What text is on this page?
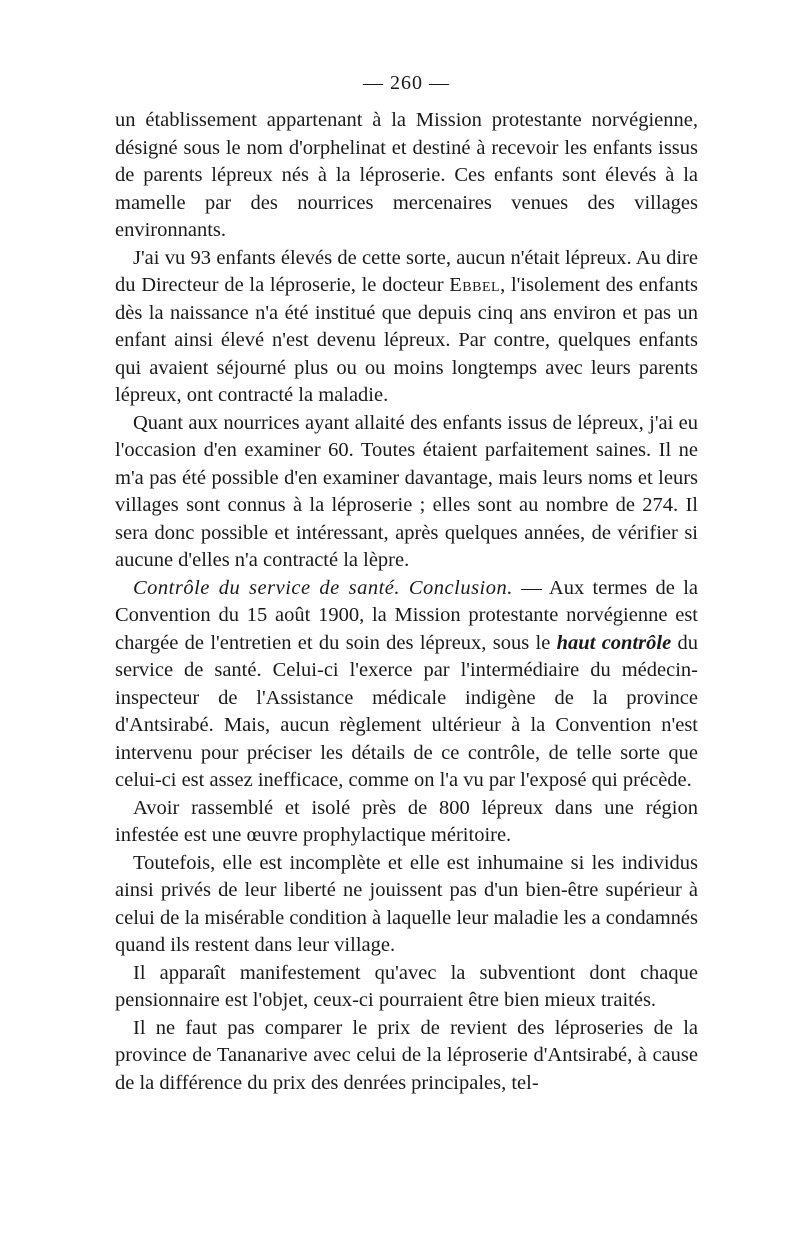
— 260 —

un établissement appartenant à la Mission protestante norvégienne, désigné sous le nom d'orphelinat et destiné à recevoir les enfants issus de parents lépreux nés à la léproserie. Ces enfants sont élevés à la mamelle par des nourrices mercenaires venues des villages environnants.

J'ai vu 93 enfants élevés de cette sorte, aucun n'était lépreux. Au dire du Directeur de la léproserie, le docteur Ebbel, l'isolement des enfants dès la naissance n'a été institué que depuis cinq ans environ et pas un enfant ainsi élevé n'est devenu lépreux. Par contre, quelques enfants qui avaient séjourné plus ou ou moins longtemps avec leurs parents lépreux, ont contracté la maladie.

Quant aux nourrices ayant allaité des enfants issus de lépreux, j'ai eu l'occasion d'en examiner 60. Toutes étaient parfaitement saines. Il ne m'a pas été possible d'en examiner davantage, mais leurs noms et leurs villages sont connus à la léproserie ; elles sont au nombre de 274. Il sera donc possible et intéressant, après quelques années, de vérifier si aucune d'elles n'a contracté la lèpre.

Contrôle du service de santé. Conclusion. — Aux termes de la Convention du 15 août 1900, la Mission protestante norvégienne est chargée de l'entretien et du soin des lépreux, sous le haut contrôle du service de santé. Celui-ci l'exerce par l'intermédiaire du médecin-inspecteur de l'Assistance médicale indigène de la province d'Antsirabé. Mais, aucun règlement ultérieur à la Convention n'est intervenu pour préciser les détails de ce contrôle, de telle sorte que celui-ci est assez inefficace, comme on l'a vu par l'exposé qui précède.

Avoir rassemblé et isolé près de 800 lépreux dans une région infestée est une œuvre prophylactique méritoire.

Toutefois, elle est incomplète et elle est inhumaine si les individus ainsi privés de leur liberté ne jouissent pas d'un bien-être supérieur à celui de la misérable condition à laquelle leur maladie les a condamnés quand ils restent dans leur village.

Il apparaît manifestement qu'avec la subventiont dont chaque pensionnaire est l'objet, ceux-ci pourraient être bien mieux traités.

Il ne faut pas comparer le prix de revient des léproseries de la province de Tananarive avec celui de la léproserie d'Antsirabé, à cause de la différence du prix des denrées principales, tel-
